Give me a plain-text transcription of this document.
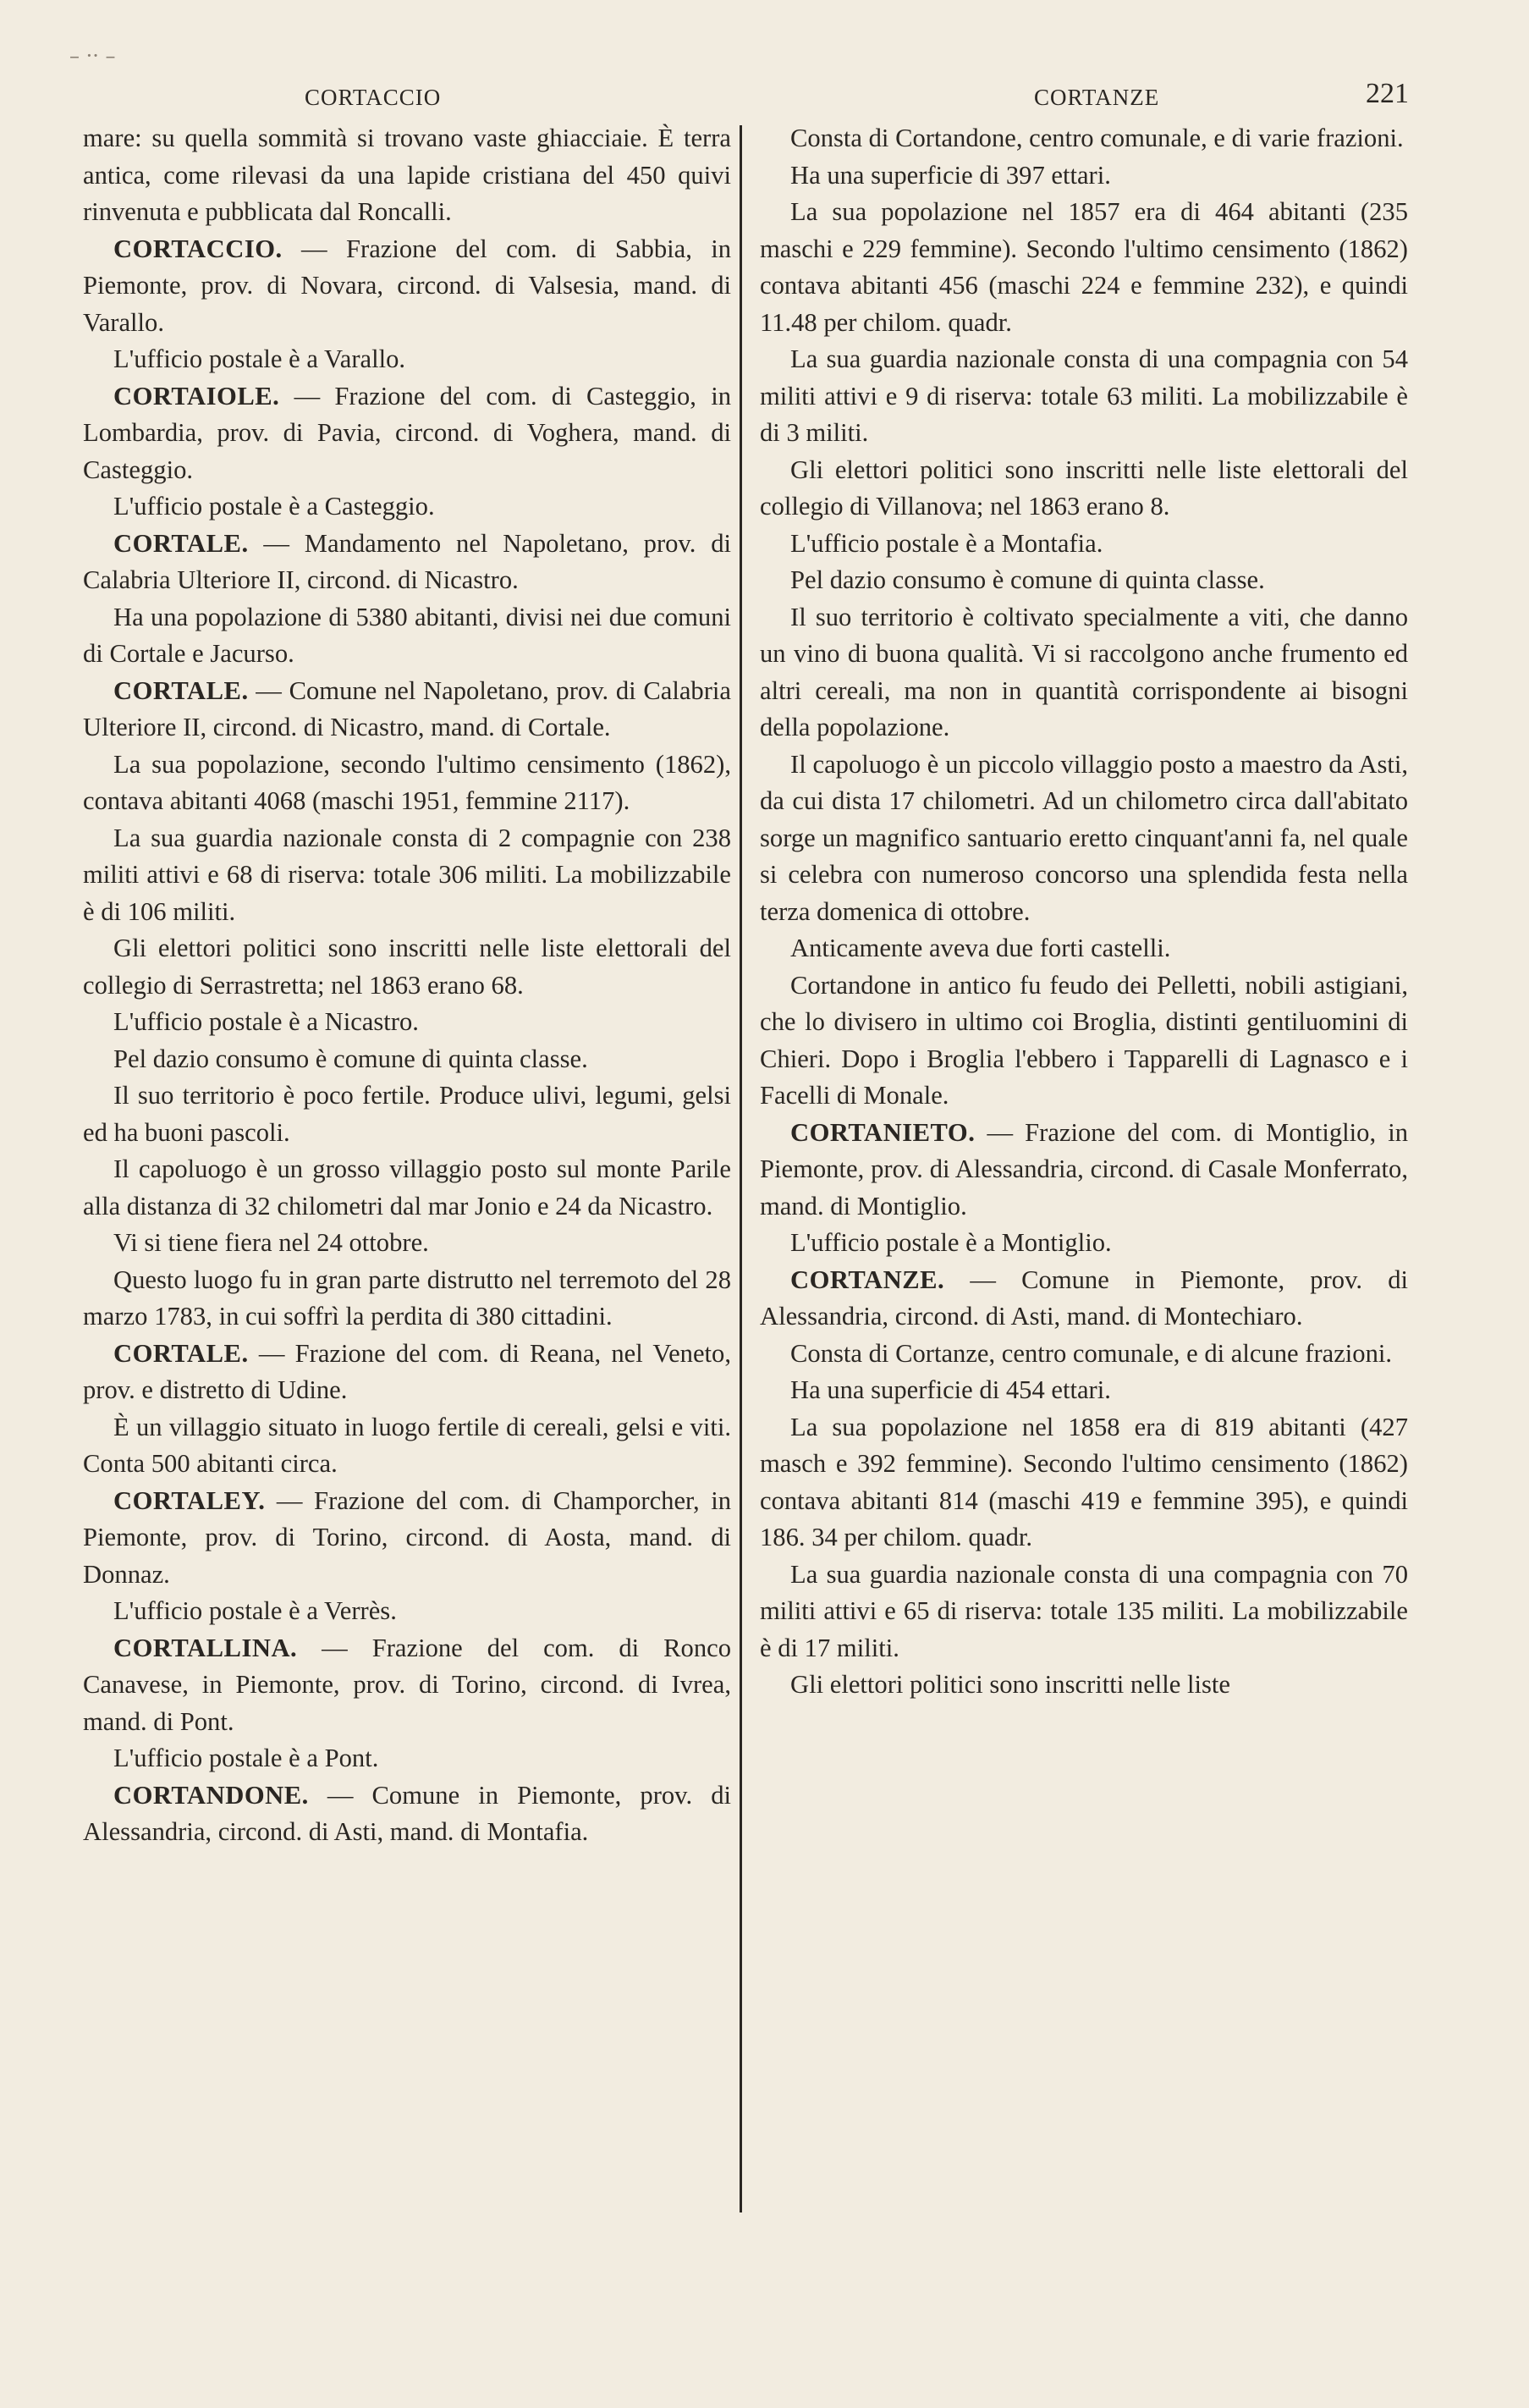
– ·· –
CORTACCIO	CORTANZE	221

mare: su quella sommità si trovano vaste ghiacciaie. È terra antica, come rilevasi da una lapide cristiana del 450 quivi rinvenuta e pubblicata dal Roncalli.

CORTACCIO. — Frazione del com. di Sabbia, in Piemonte, prov. di Novara, circond. di Valsesia, mand. di Varallo.

L'ufficio postale è a Varallo.

CORTAIOLE. — Frazione del com. di Casteggio, in Lombardia, prov. di Pavia, circond. di Voghera, mand. di Casteggio.

L'ufficio postale è a Casteggio.

CORTALE. — Mandamento nel Napoletano, prov. di Calabria Ulteriore II, circond. di Nicastro.

Ha una popolazione di 5380 abitanti, divisi nei due comuni di Cortale e Jacurso.

CORTALE. — Comune nel Napoletano, prov. di Calabria Ulteriore II, circond. di Nicastro, mand. di Cortale.

La sua popolazione, secondo l'ultimo censimento (1862), contava abitanti 4068 (maschi 1951, femmine 2117).

La sua guardia nazionale consta di 2 compagnie con 238 militi attivi e 68 di riserva: totale 306 militi. La mobilizzabile è di 106 militi.

Gli elettori politici sono inscritti nelle liste elettorali del collegio di Serrastretta; nel 1863 erano 68.

L'ufficio postale è a Nicastro.

Pel dazio consumo è comune di quinta classe.

Il suo territorio è poco fertile. Produce ulivi, legumi, gelsi ed ha buoni pascoli.

Il capoluogo è un grosso villaggio posto sul monte Parile alla distanza di 32 chilometri dal mar Jonio e 24 da Nicastro.

Vi si tiene fiera nel 24 ottobre.

Questo luogo fu in gran parte distrutto nel terremoto del 28 marzo 1783, in cui soffrì la perdita di 380 cittadini.

CORTALE. — Frazione del com. di Reana, nel Veneto, prov. e distretto di Udine.

È un villaggio situato in luogo fertile di cereali, gelsi e viti. Conta 500 abitanti circa.

CORTALEY. — Frazione del com. di Champorcher, in Piemonte, prov. di Torino, circond. di Aosta, mand. di Donnaz.

L'ufficio postale è a Verrès.

CORTALLINA. — Frazione del com. di Ronco Canavese, in Piemonte, prov. di Torino, circond. di Ivrea, mand. di Pont.

L'ufficio postale è a Pont.

CORTANDONE. — Comune in Piemonte, prov. di Alessandria, circond. di Asti, mand. di Montafia.

Consta di Cortandone, centro comunale, e di varie frazioni.

Ha una superficie di 397 ettari.

La sua popolazione nel 1857 era di 464 abitanti (235 maschi e 229 femmine). Secondo l'ultimo censimento (1862) contava abitanti 456 (maschi 224 e femmine 232), e quindi 11.48 per chilom. quadr.

La sua guardia nazionale consta di una compagnia con 54 militi attivi e 9 di riserva: totale 63 militi. La mobilizzabile è di 3 militi.

Gli elettori politici sono inscritti nelle liste elettorali del collegio di Villanova; nel 1863 erano 8.

L'ufficio postale è a Montafia.

Pel dazio consumo è comune di quinta classe.

Il suo territorio è coltivato specialmente a viti, che danno un vino di buona qualità. Vi si raccolgono anche frumento ed altri cereali, ma non in quantità corrispondente ai bisogni della popolazione.

Il capoluogo è un piccolo villaggio posto a maestro da Asti, da cui dista 17 chilometri. Ad un chilometro circa dall'abitato sorge un magnifico santuario eretto cinquant'anni fa, nel quale si celebra con numeroso concorso una splendida festa nella terza domenica di ottobre.

Anticamente aveva due forti castelli.

Cortandone in antico fu feudo dei Pelletti, nobili astigiani, che lo divisero in ultimo coi Broglia, distinti gentiluomini di Chieri. Dopo i Broglia l'ebbero i Tapparelli di Lagnasco e i Facelli di Monale.

CORTANIETO. — Frazione del com. di Montiglio, in Piemonte, prov. di Alessandria, circond. di Casale Monferrato, mand. di Montiglio.

L'ufficio postale è a Montiglio.

CORTANZE. — Comune in Piemonte, prov. di Alessandria, circond. di Asti, mand. di Montechiaro.

Consta di Cortanze, centro comunale, e di alcune frazioni.

Ha una superficie di 454 ettari.

La sua popolazione nel 1858 era di 819 abitanti (427 masch e 392 femmine). Secondo l'ultimo censimento (1862) contava abitanti 814 (maschi 419 e femmine 395), e quindi 186. 34 per chilom. quadr.

La sua guardia nazionale consta di una compagnia con 70 militi attivi e 65 di riserva: totale 135 militi. La mobilizzabile è di 17 militi.

Gli elettori politici sono inscritti nelle liste
